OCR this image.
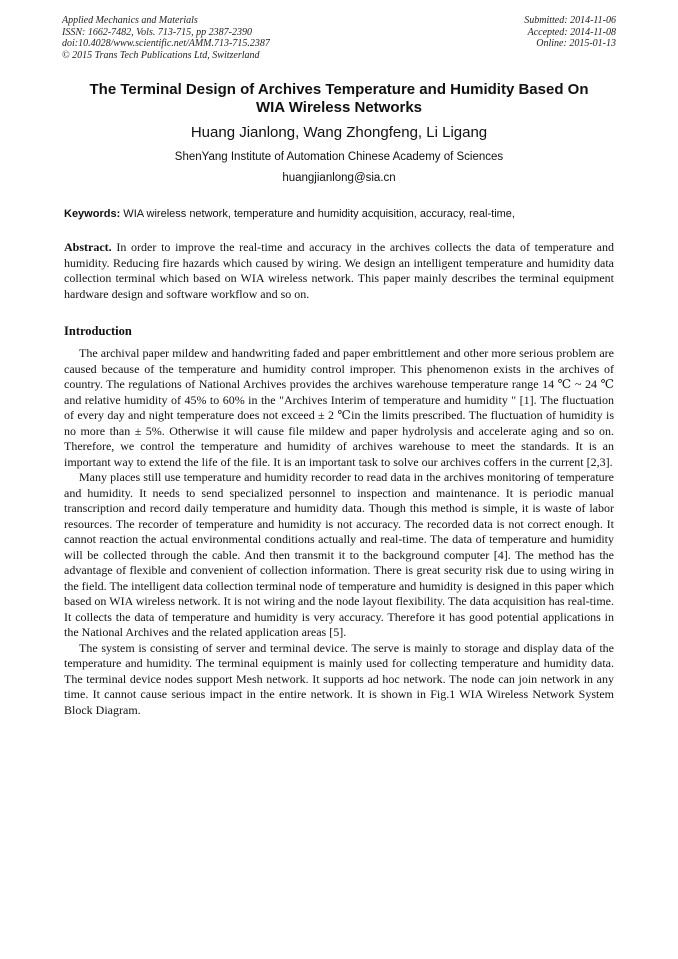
Applied Mechanics and Materials
ISSN: 1662-7482, Vols. 713-715, pp 2387-2390
doi:10.4028/www.scientific.net/AMM.713-715.2387
© 2015 Trans Tech Publications Ltd, Switzerland
Submitted: 2014-11-06
Accepted: 2014-11-08
Online: 2015-01-13
The Terminal Design of Archives Temperature and Humidity Based On
WIA Wireless Networks
Huang Jianlong, Wang Zhongfeng, Li Ligang
ShenYang Institute of Automation Chinese Academy of Sciences
huangjianlong@sia.cn
Keywords: WIA wireless network, temperature and humidity acquisition, accuracy, real-time,
Abstract. In order to improve the real-time and accuracy in the archives collects the data of temperature and humidity. Reducing fire hazards which caused by wiring. We design an intelligent temperature and humidity data collection terminal which based on WIA wireless network. This paper mainly describes the terminal equipment hardware design and software workflow and so on.
Introduction

The archival paper mildew and handwriting faded and paper embrittlement and other more serious problem are caused because of the temperature and humidity control improper. This phenomenon exists in the archives of country. The regulations of National Archives provides the archives warehouse temperature range 14 ℃ ~ 24 ℃ and relative humidity of 45% to 60% in the "Archives Interim of temperature and humidity " [1]. The fluctuation of every day and night temperature does not exceed ± 2 ℃in the limits prescribed. The fluctuation of humidity is no more than ± 5%. Otherwise it will cause file mildew and paper hydrolysis and accelerate aging and so on. Therefore, we control the temperature and humidity of archives warehouse to meet the standards. It is an important way to extend the life of the file. It is an important task to solve our archives coffers in the current [2,3].

Many places still use temperature and humidity recorder to read data in the archives monitoring of temperature and humidity. It needs to send specialized personnel to inspection and maintenance. It is periodic manual transcription and record daily temperature and humidity data. Though this method is simple, it is waste of labor resources. The recorder of temperature and humidity is not accuracy. The recorded data is not correct enough. It cannot reaction the actual environmental conditions actually and real-time. The data of temperature and humidity will be collected through the cable. And then transmit it to the background computer [4]. The method has the advantage of flexible and convenient of collection information. There is great security risk due to using wiring in the field. The intelligent data collection terminal node of temperature and humidity is designed in this paper which based on WIA wireless network. It is not wiring and the node layout flexibility. The data acquisition has real-time. It collects the data of temperature and humidity is very accuracy. Therefore it has good potential applications in the National Archives and the related application areas [5].

The system is consisting of server and terminal device. The serve is mainly to storage and display data of the temperature and humidity. The terminal equipment is mainly used for collecting temperature and humidity data. The terminal device nodes support Mesh network. It supports ad hoc network. The node can join network in any time. It cannot cause serious impact in the entire network. It is shown in Fig.1 WIA Wireless Network System Block Diagram.
